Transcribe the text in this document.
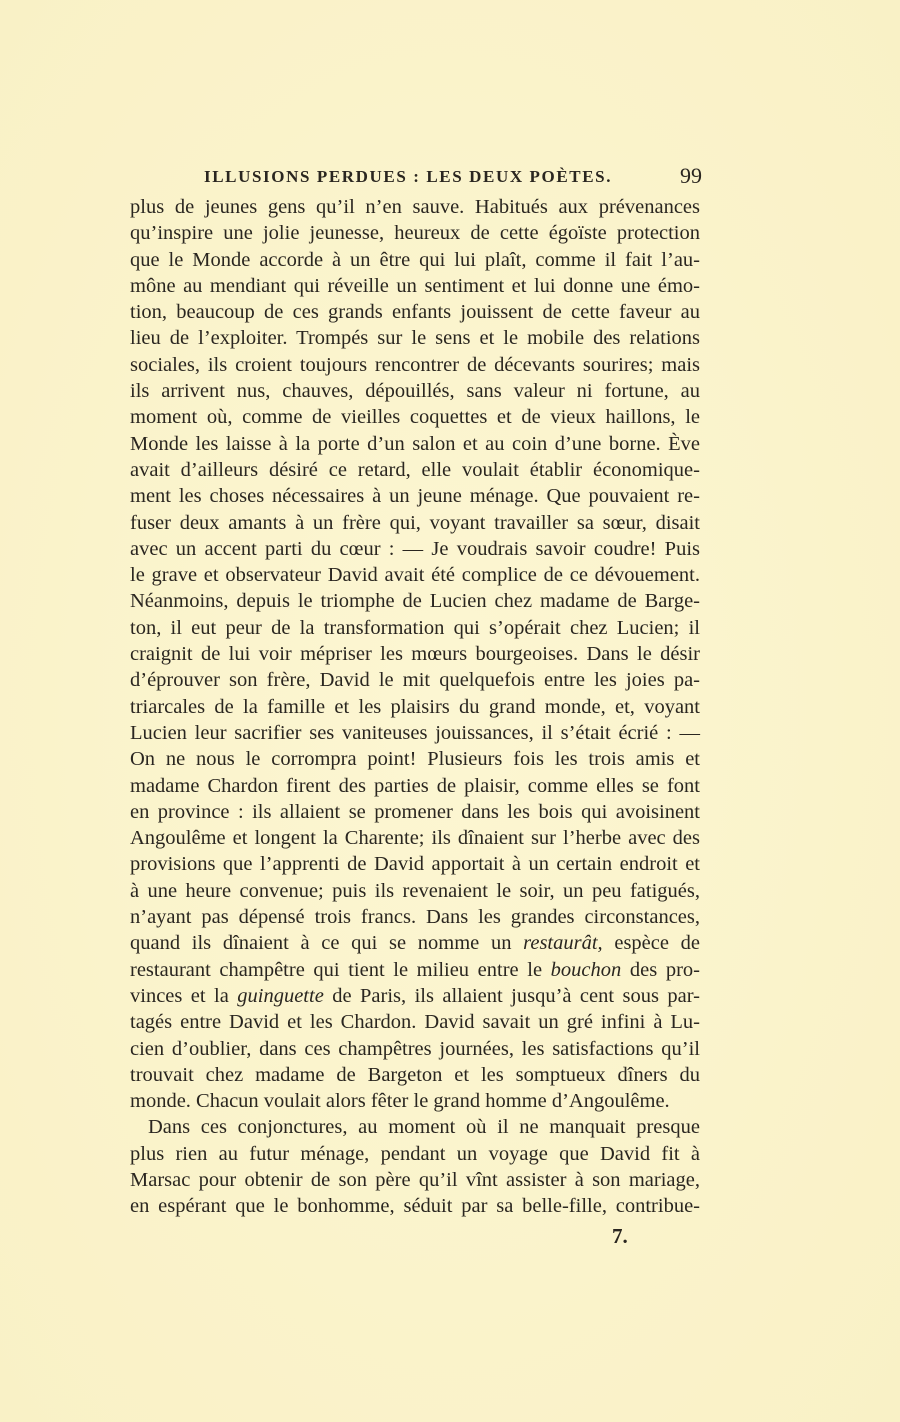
ILLUSIONS PERDUES : LES DEUX POÈTES.	99
plus de jeunes gens qu’il n’en sauve. Habitués aux prévenances
qu’inspire une jolie jeunesse, heureux de cette égoïste protection
que le Monde accorde à un être qui lui plaît, comme il fait l’au-
mône au mendiant qui réveille un sentiment et lui donne une émo-
tion, beaucoup de ces grands enfants jouissent de cette faveur au
lieu de l’exploiter. Trompés sur le sens et le mobile des relations
sociales, ils croient toujours rencontrer de décevants sourires; mais
ils arrivent nus, chauves, dépouillés, sans valeur ni fortune, au
moment où, comme de vieilles coquettes et de vieux haillons, le
Monde les laisse à la porte d’un salon et au coin d’une borne. Ève
avait d’ailleurs désiré ce retard, elle voulait établir économique-
ment les choses nécessaires à un jeune ménage. Que pouvaient re-
fuser deux amants à un frère qui, voyant travailler sa sœur, disait
avec un accent parti du cœur : — Je voudrais savoir coudre! Puis
le grave et observateur David avait été complice de ce dévouement.
Néanmoins, depuis le triomphe de Lucien chez madame de Barge-
ton, il eut peur de la transformation qui s’opérait chez Lucien; il
craignit de lui voir mépriser les mœurs bourgeoises. Dans le désir
d’éprouver son frère, David le mit quelquefois entre les joies pa-
triarcales de la famille et les plaisirs du grand monde, et, voyant
Lucien leur sacrifier ses vaniteuses jouissances, il s’était écrié : —
On ne nous le corrompra point! Plusieurs fois les trois amis et
madame Chardon firent des parties de plaisir, comme elles se font
en province : ils allaient se promener dans les bois qui avoisinent
Angoulême et longent la Charente; ils dînaient sur l’herbe avec des
provisions que l’apprenti de David apportait à un certain endroit et
à une heure convenue; puis ils revenaient le soir, un peu fatigués,
n’ayant pas dépensé trois francs. Dans les grandes circonstances,
quand ils dînaient à ce qui se nomme un restaurât, espèce de
restaurant champêtre qui tient le milieu entre le bouchon des pro-
vinces et la guinguette de Paris, ils allaient jusqu’à cent sous par-
tagés entre David et les Chardon. David savait un gré infini à Lu-
cien d’oublier, dans ces champêtres journées, les satisfactions qu’il
trouvait chez madame de Bargeton et les somptueux dîners du
monde. Chacun voulait alors fêter le grand homme d’Angoulême.
Dans ces conjonctures, au moment où il ne manquait presque
plus rien au futur ménage, pendant un voyage que David fit à
Marsac pour obtenir de son père qu’il vînt assister à son mariage,
en espérant que le bonhomme, séduit par sa belle-fille, contribue-
7.
